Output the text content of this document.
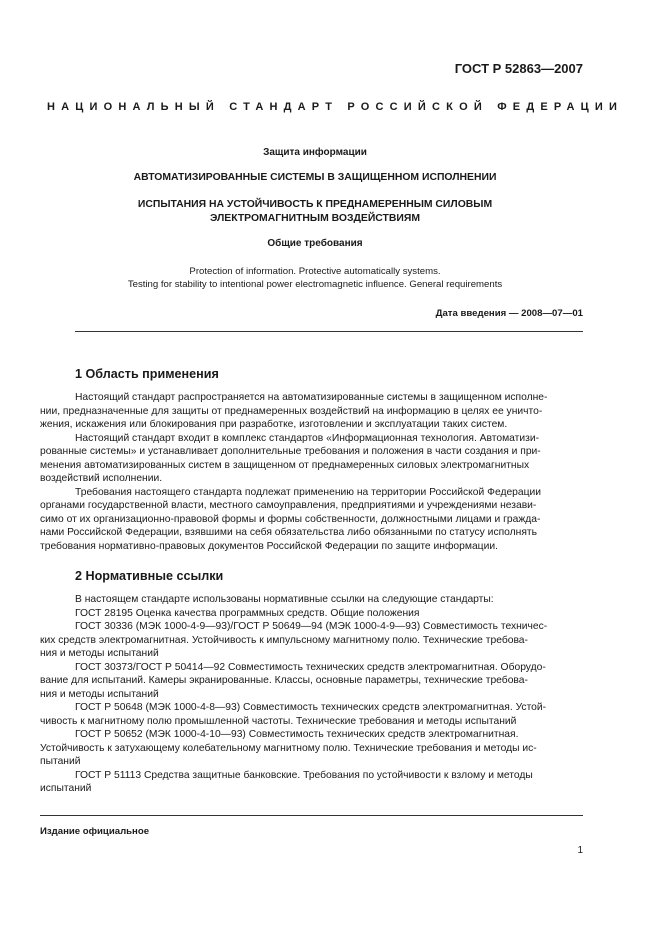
ГОСТ Р 52863—2007
НАЦИОНАЛЬНЫЙ СТАНДАРТ РОССИЙСКОЙ ФЕДЕРАЦИИ
Защита информации
АВТОМАТИЗИРОВАННЫЕ СИСТЕМЫ В ЗАЩИЩЕННОМ ИСПОЛНЕНИИ
ИСПЫТАНИЯ НА УСТОЙЧИВОСТЬ К ПРЕДНАМЕРЕННЫМ СИЛОВЫМ
ЭЛЕКТРОМАГНИТНЫМ ВОЗДЕЙСТВИЯМ
Общие требования
Protection of information. Protective automatically systems.
Testing for stability to intentional power electromagnetic influence. General requirements
Дата введения — 2008—07—01
1 Область применения
Настоящий стандарт распространяется на автоматизированные системы в защищенном исполне-
нии, предназначенные для защиты от преднамеренных воздействий на информацию в целях ее уничто-
жения, искажения или блокирования при разработке, изготовлении и эксплуатации таких систем.
Настоящий стандарт входит в комплекс стандартов «Информационная технология. Автоматизи-
рованные системы» и устанавливает дополнительные требования и положения в части создания и при-
менения автоматизированных систем в защищенном от преднамеренных силовых электромагнитных
воздействий исполнении.
Требования настоящего стандарта подлежат применению на территории Российской Федерации
органами государственной власти, местного самоуправления, предприятиями и учреждениями незави-
симо от их организационно-правовой формы и формы собственности, должностными лицами и гражда-
нами Российской Федерации, взявшими на себя обязательства либо обязанными по статусу исполнять
требования нормативно-правовых документов Российской Федерации по защите информации.
2 Нормативные ссылки
В настоящем стандарте использованы нормативные ссылки на следующие стандарты:
ГОСТ 28195 Оценка качества программных средств. Общие положения
ГОСТ 30336 (МЭК 1000-4-9—93)/ГОСТ Р 50649—94 (МЭК 1000-4-9—93) Совместимость техничес-
ких средств электромагнитная. Устойчивость к импульсному магнитному полю. Технические требова-
ния и методы испытаний
ГОСТ 30373/ГОСТ Р 50414—92 Совместимость технических средств электромагнитная. Оборудо-
вание для испытаний. Камеры экранированные. Классы, основные параметры, технические требова-
ния и методы испытаний
ГОСТ Р 50648 (МЭК 1000-4-8—93) Совместимость технических средств электромагнитная. Устой-
чивость к магнитному полю промышленной частоты. Технические требования и методы испытаний
ГОСТ Р 50652 (МЭК 1000-4-10—93) Совместимость технических средств электромагнитная.
Устойчивость к затухающему колебательному магнитному полю. Технические требования и методы ис-
пытаний
ГОСТ Р 51113 Средства защитные банковские. Требования по устойчивости к взлому и методы
испытаний
Издание официальное
1
